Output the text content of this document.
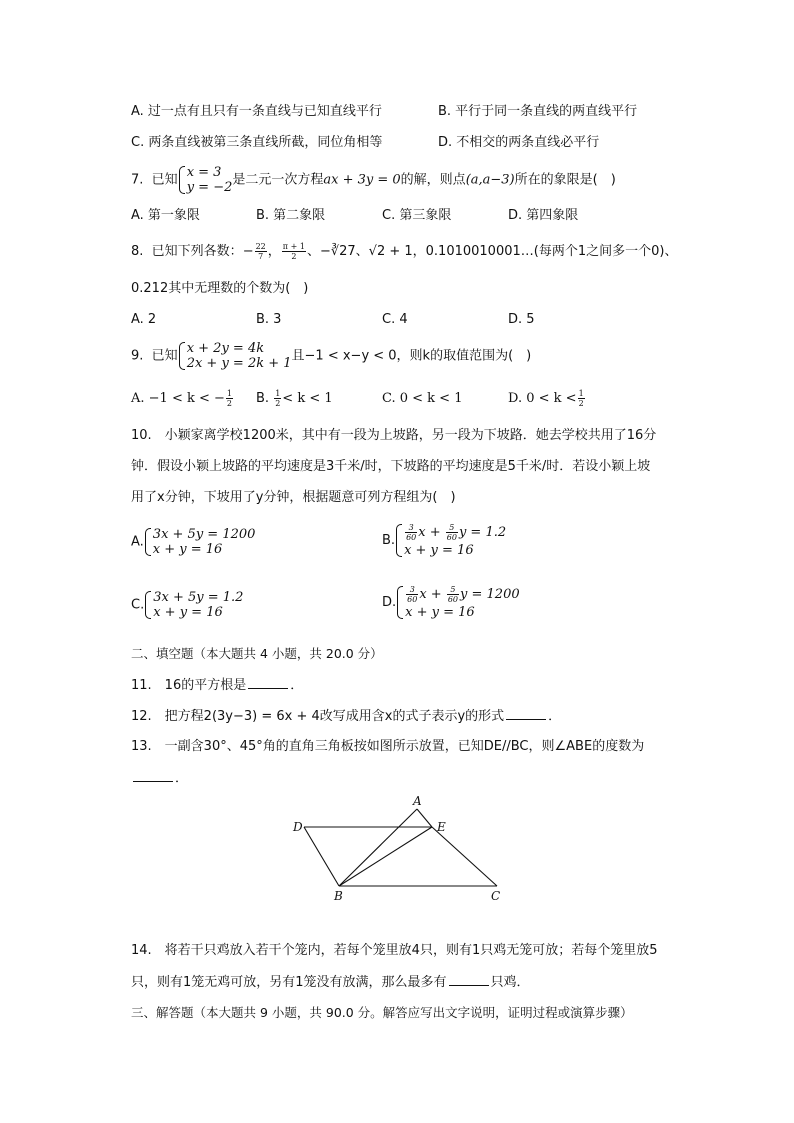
A. 过一点有且只有一条直线与已知直线平行	B. 平行于同一条直线的两直线平行
C. 两条直线被第三条直线所截，同位角相等	D. 不相交的两条直线必平行
7. 已知 x = 3
y = −2 是二元一次方程ax + 3y = 0的解，则点(a,a−3)所在的象限是(　)
A. 第一象限	B. 第二象限	C. 第三象限	D. 第四象限
8. 已知下列各数：− $\frac{22}{7}$ ， $\frac{\pi + 1}{2}$ 、−∛27、√2 + 1，0.1010010001…(每两个1之间多一个0)、
0.212其中无理数的个数为(　)
A. 2	B. 3	C. 4	D. 5
9. 已知 x + 2y = 4k
2x + y = 2k + 1 且−1 < x−y < 0，则k的取值范围为(　)
A. −1 < k < − $\frac{1}{2} B$. $\frac{1}{2} < k < 1$	C. 0 < k < 1	D. $0 < k < \frac{1}{2}$
10.　小颖家离学校1200米，其中有一段为上坡路，另一段为下坡路．她去学校共用了16分
钟．假设小颖上坡路的平均速度是3千米/时，下坡路的平均速度是5千米/时．若设小颖上坡
用了x分钟，下坡用了y分钟，根据题意可列方程组为(　)
A. 3x + 5y = 1200
x + y = 16
B. $\frac{3}{60}$ $x + \frac{5}{60}$ y = 1.2
x + y = 16
C. 3x + 5y = 1.2
x + y = 16
D. $\frac{3}{60}$ $x + \frac{5}{60}$ y = 1200
x + y = 16
二、填空题（本大题共 4 小题，共 20.0 分）
11.　16的平方根是	．
12.　把方程2(3y−3) = 6x + 4改写成用含x的式子表示y的形式	．
13.　一副含30°、45°角的直角三角板按如图所示放置，已知DE//BC，则∠ABE的度数为
．
A
D	E
B	C
14.　将若干只鸡放入若干个笼内，若每个笼里放4只，则有1只鸡无笼可放；若每个笼里放5
只，则有1笼无鸡可放，另有1笼没有放满，那么最多有	只鸡．
三、解答题（本大题共 9 小题，共 90.0 分。解答应写出文字说明，证明过程或演算步骤）
